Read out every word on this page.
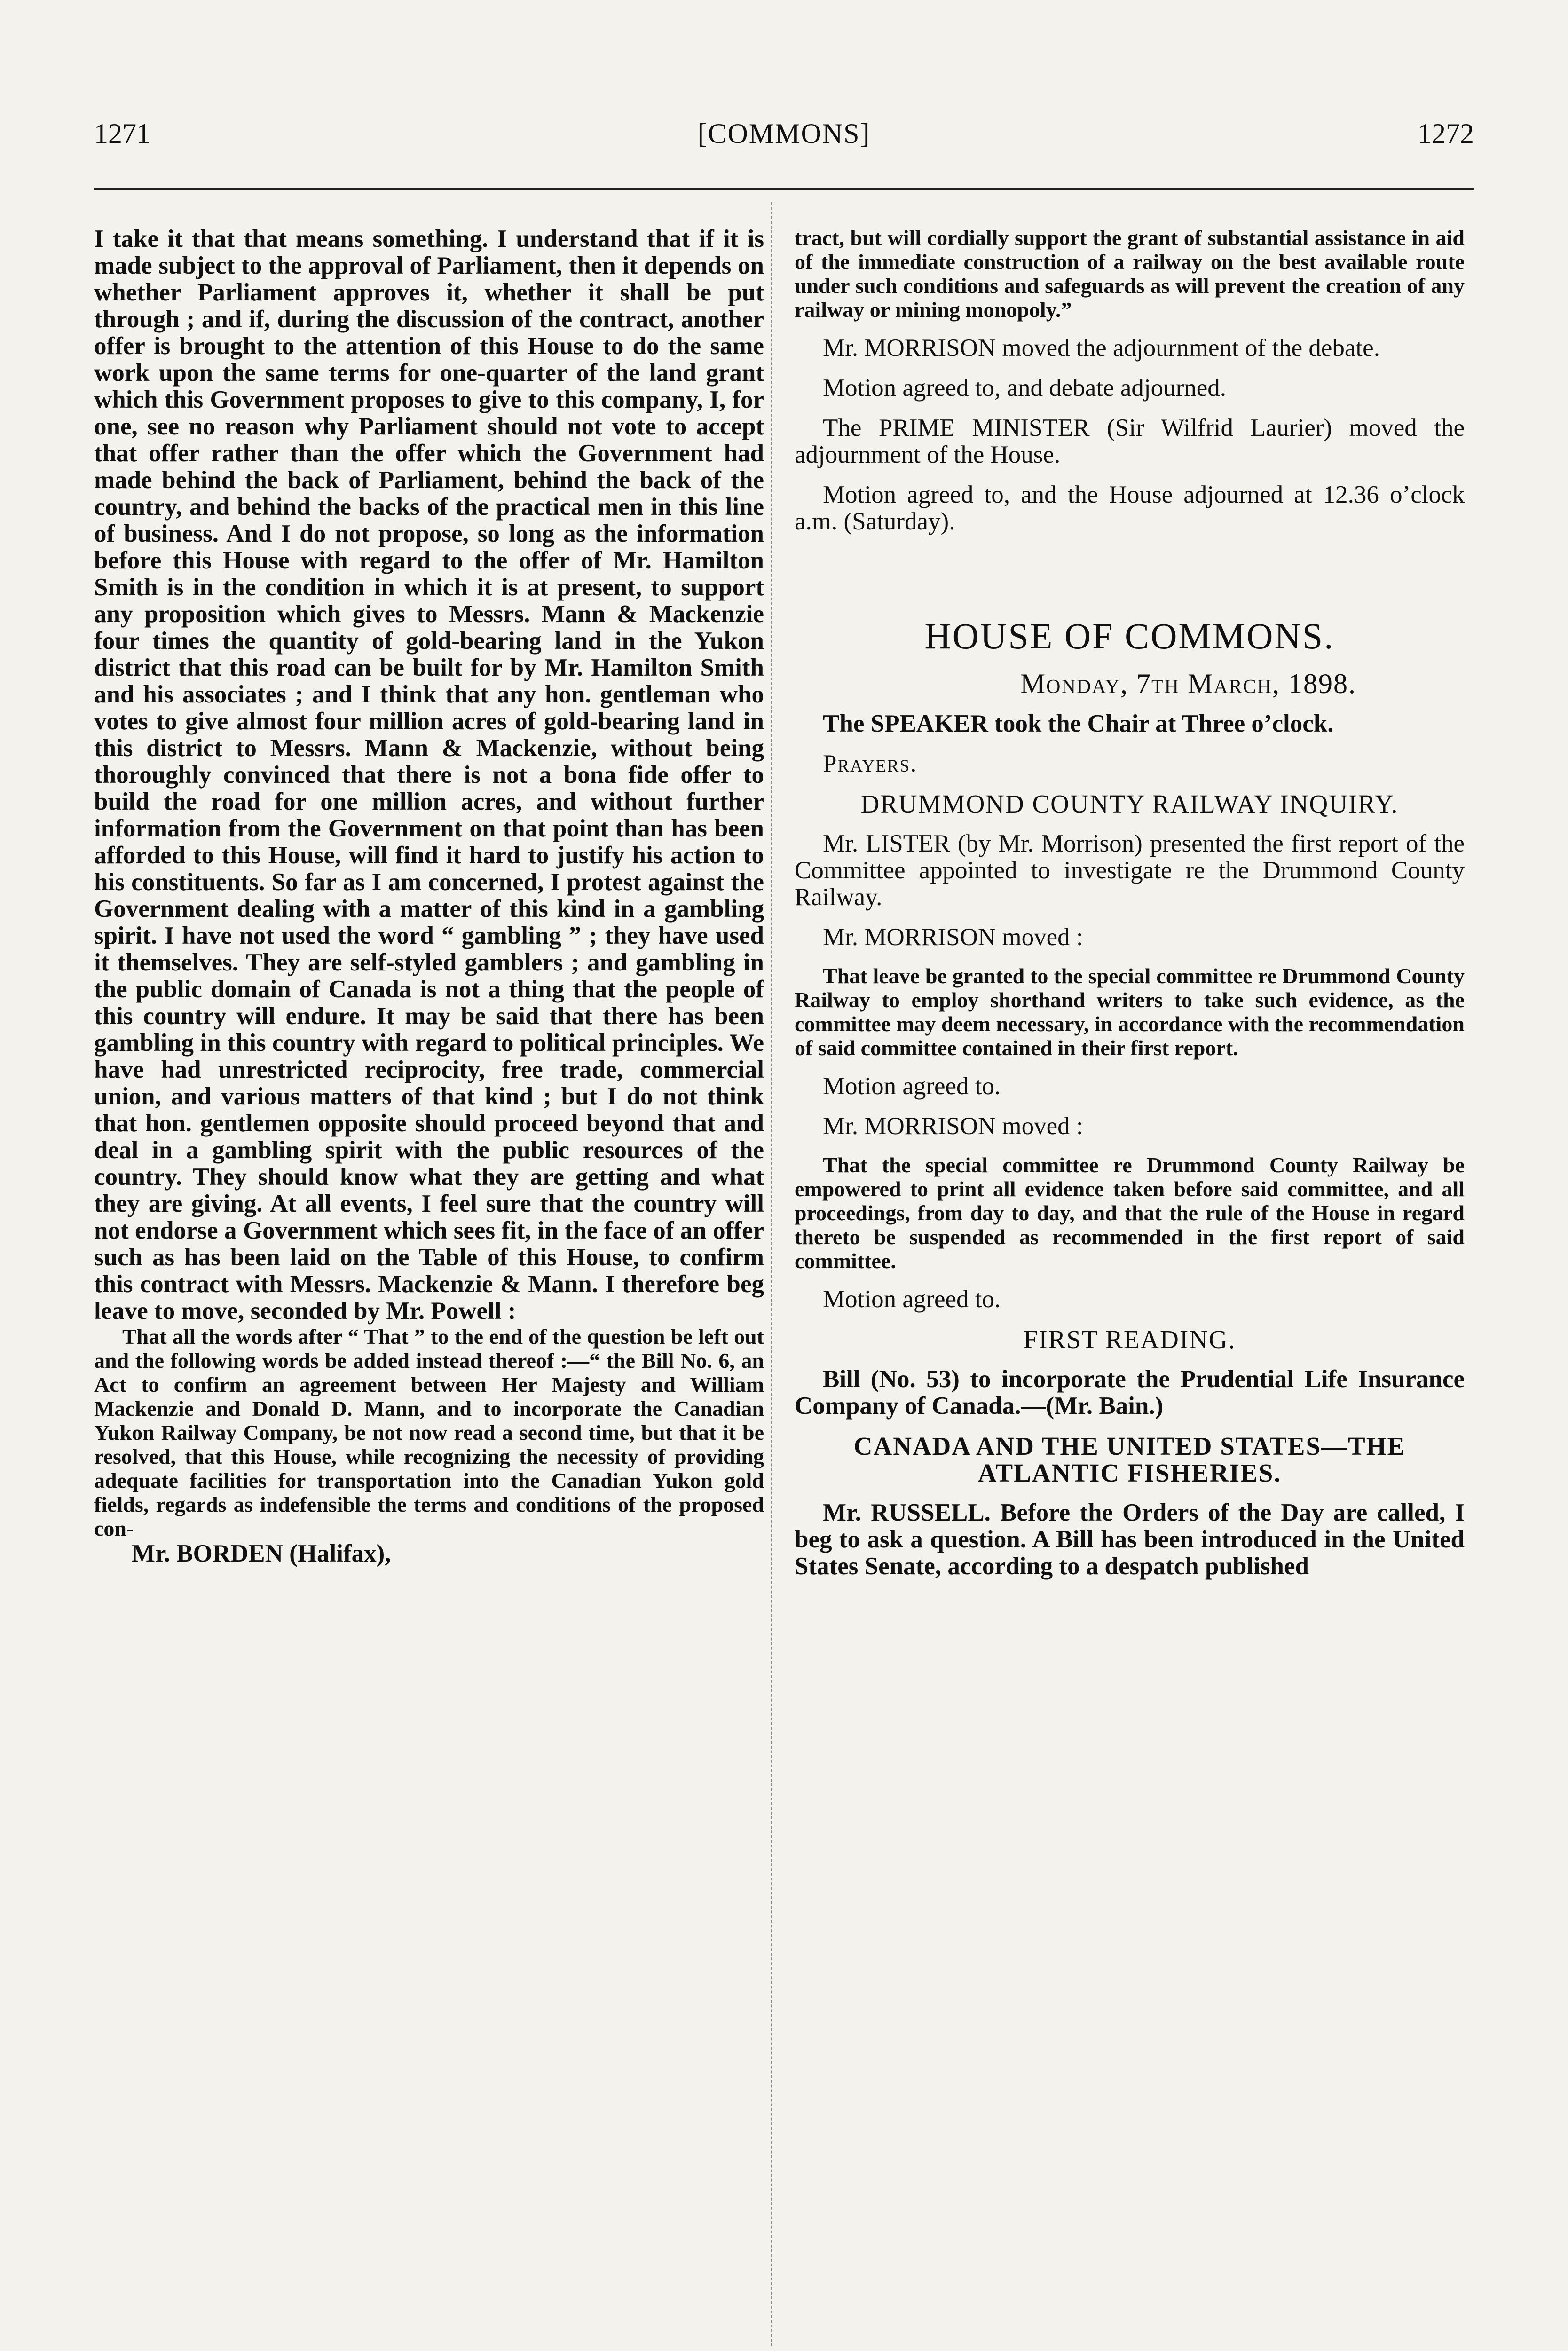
1271	[COMMONS]	1272

I take it that that means something. I understand that if it is made subject to the approval of Parliament, then it depends on whether Parliament approves it, whether it shall be put through ; and if, during the discussion of the contract, another offer is brought to the attention of this House to do the same work upon the same terms for one-quarter of the land grant which this Government proposes to give to this company, I, for one, see no reason why Parliament should not vote to accept that offer rather than the offer which the Government had made behind the back of Parliament, behind the back of the country, and behind the backs of the practical men in this line of business. And I do not propose, so long as the information before this House with regard to the offer of Mr. Hamilton Smith is in the condition in which it is at present, to support any proposition which gives to Messrs. Mann & Mackenzie four times the quantity of gold-bearing land in the Yukon district that this road can be built for by Mr. Hamilton Smith and his associates ; and I think that any hon. gentleman who votes to give almost four million acres of gold-bearing land in this district to Messrs. Mann & Mackenzie, without being thoroughly convinced that there is not a bona fide offer to build the road for one million acres, and without further information from the Government on that point than has been afforded to this House, will find it hard to justify his action to his constituents. So far as I am concerned, I protest against the Government dealing with a matter of this kind in a gambling spirit. I have not used the word “ gambling ” ; they have used it themselves. They are self-styled gamblers ; and gambling in the public domain of Canada is not a thing that the people of this country will endure. It may be said that there has been gambling in this country with regard to political principles. We have had unrestricted reciprocity, free trade, commercial union, and various matters of that kind ; but I do not think that hon. gentlemen opposite should proceed beyond that and deal in a gambling spirit with the public resources of the country. They should know what they are getting and what they are giving. At all events, I feel sure that the country will not endorse a Government which sees fit, in the face of an offer such as has been laid on the Table of this House, to confirm this contract with Messrs. Mackenzie & Mann. I therefore beg leave to move, seconded by Mr. Powell :

That all the words after “ That ” to the end of the question be left out and the following words be added instead thereof :—“ the Bill No. 6, an Act to confirm an agreement between Her Majesty and William Mackenzie and Donald D. Mann, and to incorporate the Canadian Yukon Railway Company, be not now read a second time, but that it be resolved, that this House, while recognizing the necessity of providing adequate facilities for transportation into the Canadian Yukon gold fields, regards as indefensible the terms and conditions of the proposed con-

Mr. BORDEN (Halifax),

tract, but will cordially support the grant of substantial assistance in aid of the immediate construction of a railway on the best available route under such conditions and safeguards as will prevent the creation of any railway or mining monopoly.”

Mr. MORRISON moved the adjournment of the debate.

Motion agreed to, and debate adjourned.

The PRIME MINISTER (Sir Wilfrid Laurier) moved the adjournment of the House.

Motion agreed to, and the House adjourned at 12.36 o’clock a.m. (Saturday).

HOUSE OF COMMONS.

Monday, 7th March, 1898.

The SPEAKER took the Chair at Three o’clock.

Prayers.

DRUMMOND COUNTY RAILWAY INQUIRY.

Mr. LISTER (by Mr. Morrison) presented the first report of the Committee appointed to investigate re the Drummond County Railway.

Mr. MORRISON moved :

That leave be granted to the special committee re Drummond County Railway to employ shorthand writers to take such evidence, as the committee may deem necessary, in accordance with the recommendation of said committee contained in their first report.

Motion agreed to.

Mr. MORRISON moved :

That the special committee re Drummond County Railway be empowered to print all evidence taken before said committee, and all proceedings, from day to day, and that the rule of the House in regard thereto be suspended as recommended in the first report of said committee.

Motion agreed to.

FIRST READING.

Bill (No. 53) to incorporate the Prudential Life Insurance Company of Canada.—(Mr. Bain.)

CANADA AND THE UNITED STATES—THE ATLANTIC FISHERIES.

Mr. RUSSELL. Before the Orders of the Day are called, I beg to ask a question. A Bill has been introduced in the United States Senate, according to a despatch published
